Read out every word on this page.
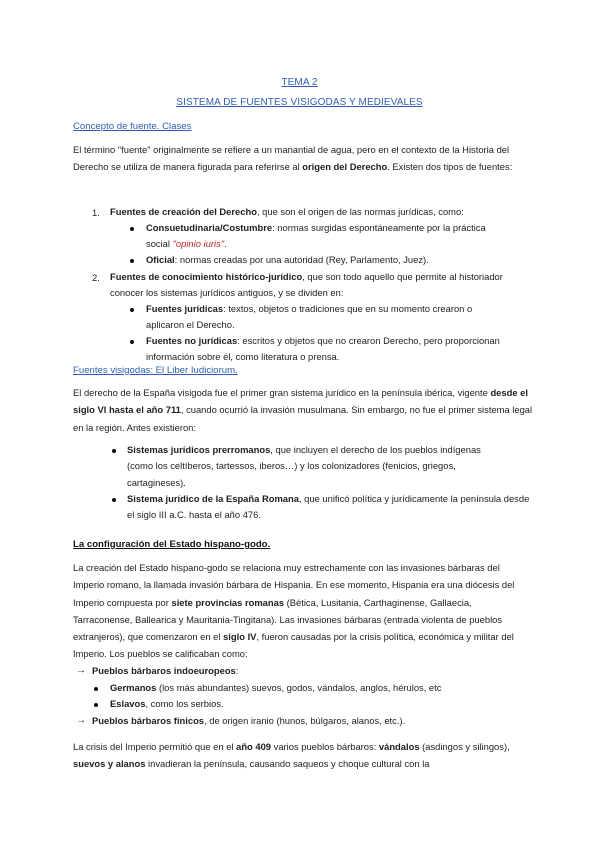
TEMA 2
SISTEMA DE FUENTES VISIGODAS Y MEDIEVALES
Concepto de fuente. Clases
El término "fuente" originalmente se refiere a un manantial de agua, pero en el contexto de la Historia del Derecho se utiliza de manera figurada para referirse al origen del Derecho. Existen dos tipos de fuentes:
1. Fuentes de creación del Derecho, que son el origen de las normas jurídicas, como:
Consuetudinaria/Costumbre: normas surgidas espontáneamente por la práctica social "opinio iuris".
Oficial: normas creadas por una autoridad (Rey, Parlamento, Juez).
2. Fuentes de conocimiento histórico-jurídico, que son todo aquello que permite al historiador conocer los sistemas jurídicos antiguos, y se dividen en:
Fuentes jurídicas: textos, objetos o tradiciones que en su momento crearon o aplicaron el Derecho.
Fuentes no jurídicas: escritos y objetos que no crearon Derecho, pero proporcionan información sobre él, como literatura o prensa.
Fuentes visigodas: El Liber Iudiciorum.
El derecho de la España visigoda fue el primer gran sistema jurídico en la península ibérica, vigente desde el siglo VI hasta el año 711, cuando ocurrió la invasión musulmana. Sin embargo, no fue el primer sistema legal en la región. Antes existieron:
Sistemas jurídicos prerromanos, que incluyen el derecho de los pueblos indígenas (como los celtíberos, tartessos, iberos…) y los colonizadores (fenicios, griegos, cartagineses).
Sistema jurídico de la España Romana, que unificó política y jurídicamente la península desde el siglo III a.C. hasta el año 476.
La configuración del Estado hispano-godo.
La creación del Estado hispano-godo se relaciona muy estrechamente con las invasiones bárbaras del Imperio romano, la llamada invasión bárbara de Hispania. En ese momento, Hispania era una diócesis del Imperio compuesta por siete provincias romanas (Bética, Lusitania, Carthaginense, Gallaecia, Tarraconense, Ballearica y Mauritania-Tingitana). Las invasiones bárbaras (entrada violenta de pueblos extranjeros), que comenzaron en el siglo IV, fueron causadas por la crisis política, económica y militar del Imperio. Los pueblos se calificaban como:
→ Pueblos bárbaros indoeuropeos:
Germanos (los más abundantes) suevos, godos, vándalos, anglos, hérulos, etc
Eslavos, como los serbios.
→ Pueblos bárbaros fínicos, de origen iranio (hunos, búlgaros, alanos, etc.).
La crisis del Imperio permitió que en el año 409 varios pueblos bárbaros: vándalos (asdingos y silingos), suevos y alanos invadieran la península, causando saqueos y choque cultural con la
